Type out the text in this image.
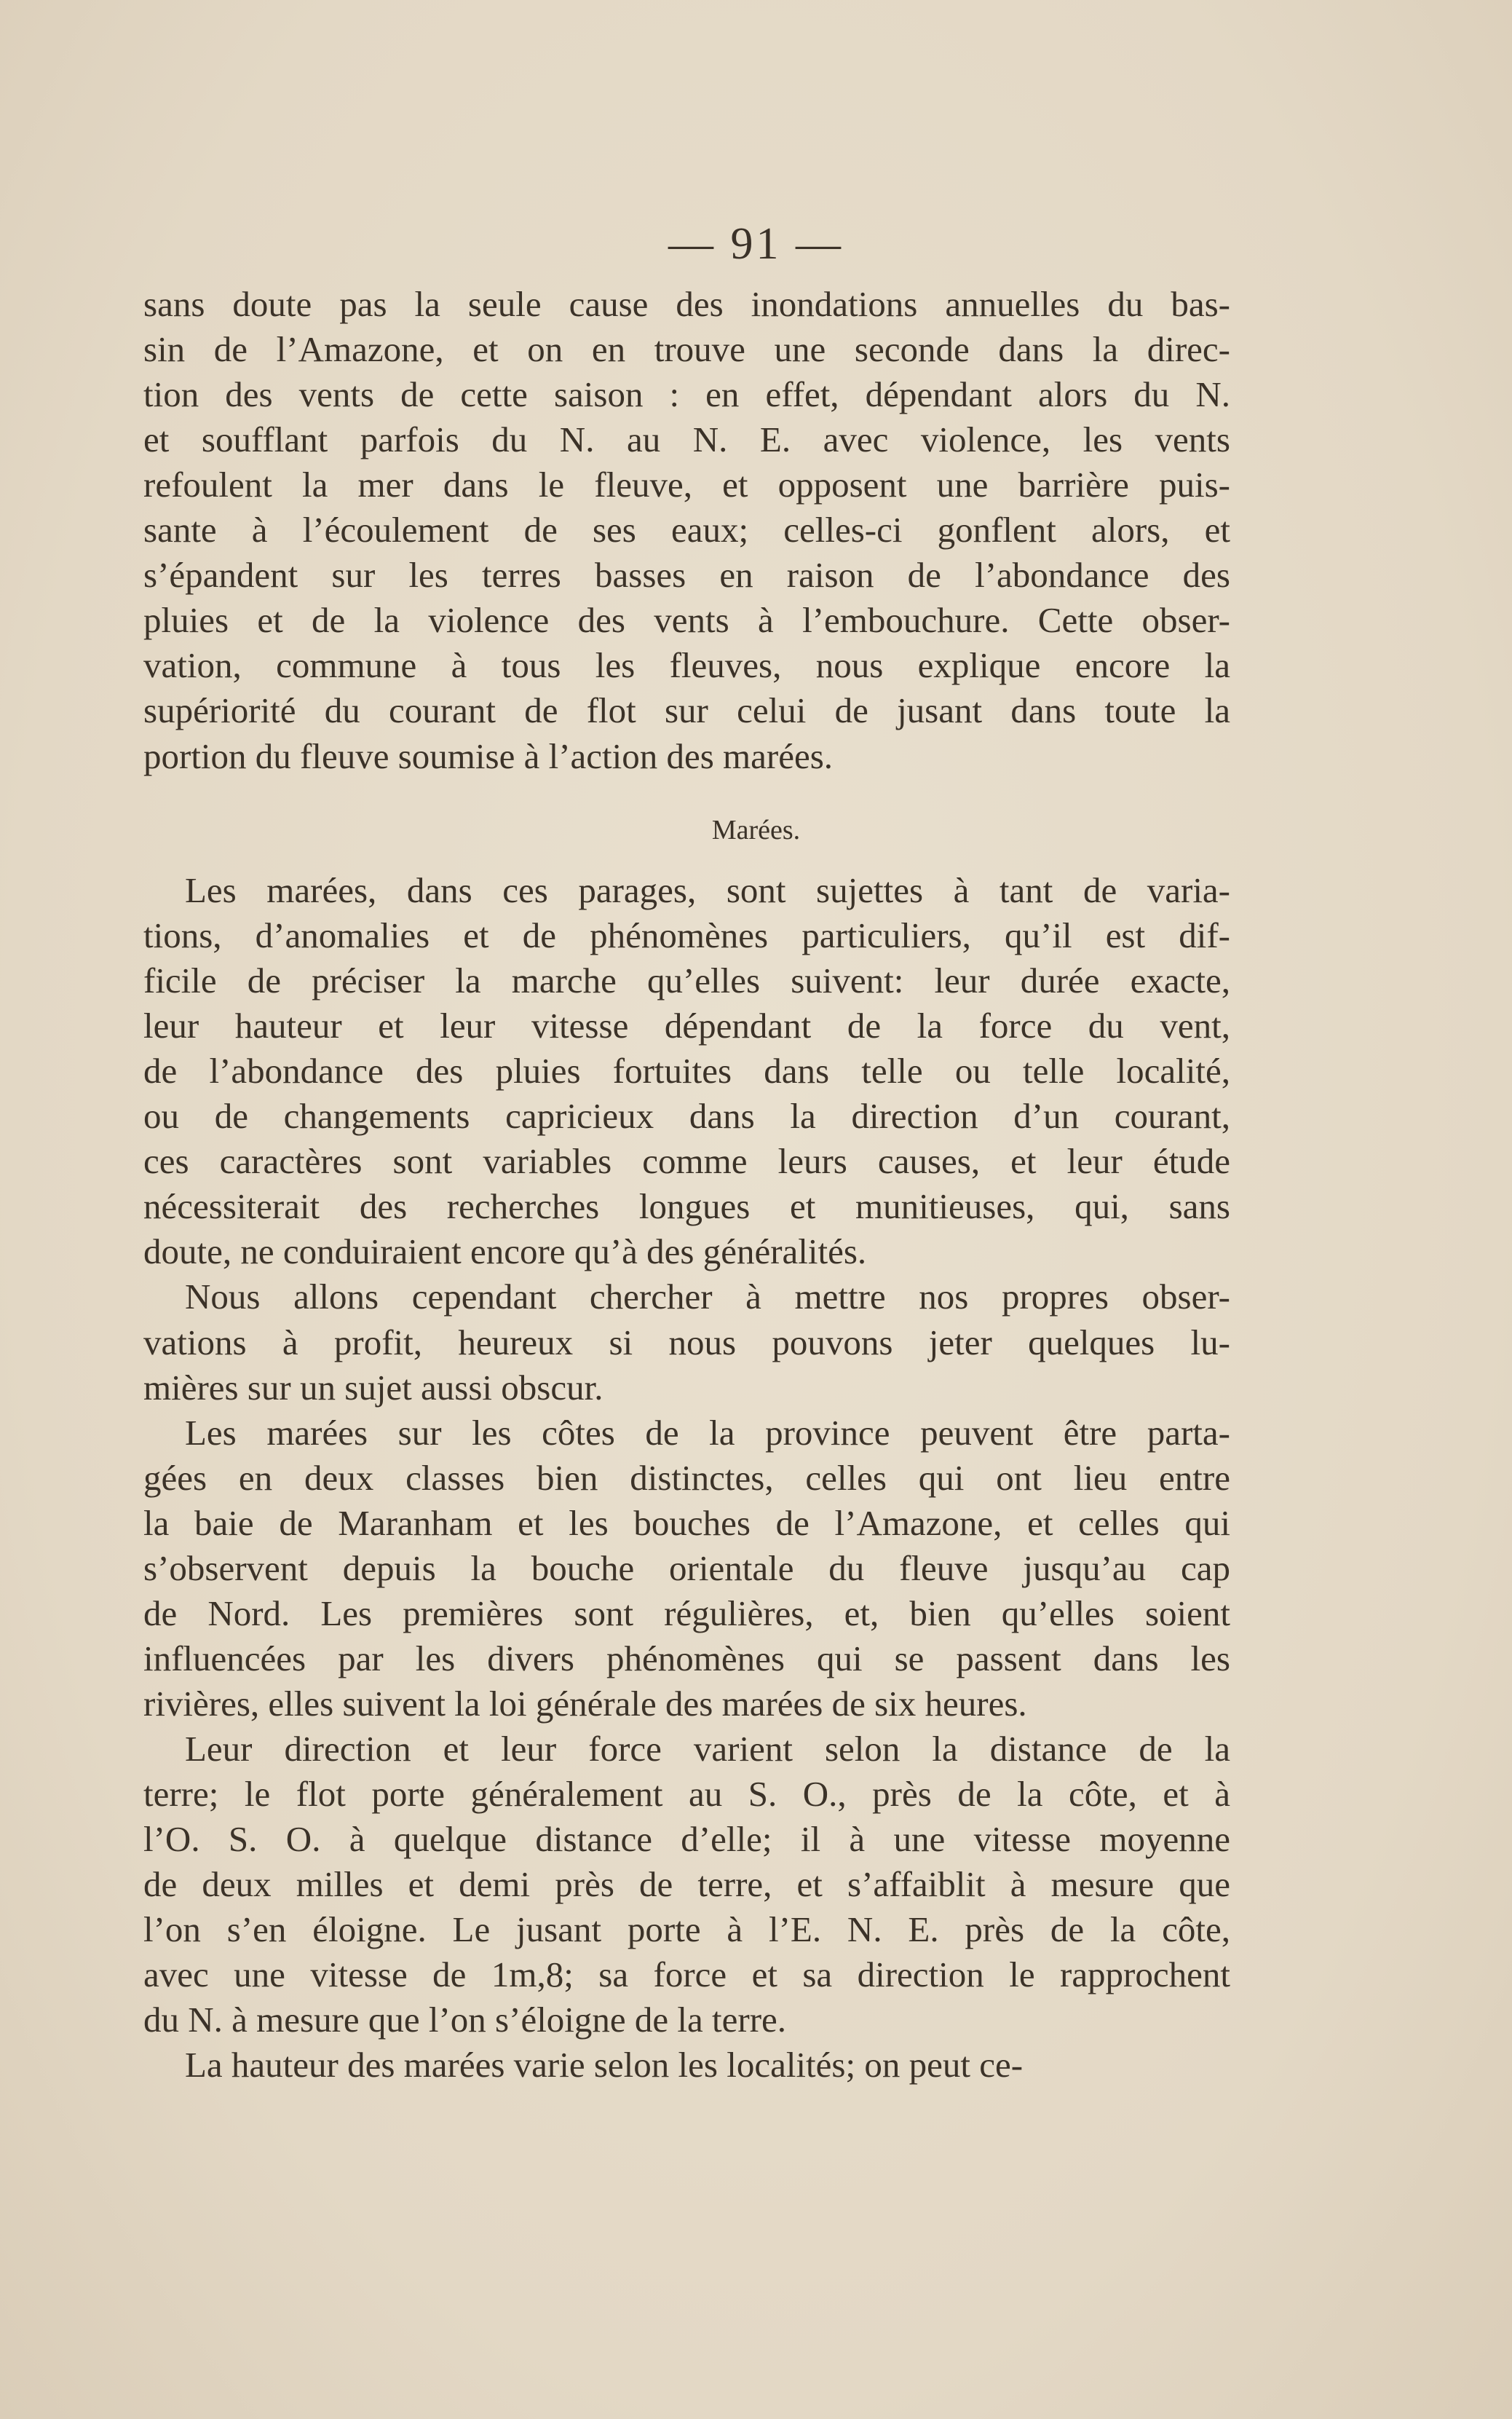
— 91 —
sans doute pas la seule cause des inondations annuelles du bas-
sin de l’Amazone, et on en trouve une seconde dans la direc-
tion des vents de cette saison : en effet, dépendant alors du N.
et soufflant parfois du N. au N. E. avec violence, les vents
refoulent la mer dans le fleuve, et opposent une barrière puis-
sante à l’écoulement de ses eaux; celles-ci gonflent alors, et
s’épandent sur les terres basses en raison de l’abondance des
pluies et de la violence des vents à l’embouchure. Cette obser-
vation, commune à tous les fleuves, nous explique encore la
supériorité du courant de flot sur celui de jusant dans toute la
portion du fleuve soumise à l’action des marées.
Marées.
Les marées, dans ces parages, sont sujettes à tant de varia-
tions, d’anomalies et de phénomènes particuliers, qu’il est dif-
ficile de préciser la marche qu’elles suivent: leur durée exacte,
leur hauteur et leur vitesse dépendant de la force du vent,
de l’abondance des pluies fortuites dans telle ou telle localité,
ou de changements capricieux dans la direction d’un courant,
ces caractères sont variables comme leurs causes, et leur étude
nécessiterait des recherches longues et munitieuses, qui, sans
doute, ne conduiraient encore qu’à des généralités.
Nous allons cependant chercher à mettre nos propres obser-
vations à profit, heureux si nous pouvons jeter quelques lu-
mières sur un sujet aussi obscur.
Les marées sur les côtes de la province peuvent être parta-
gées en deux classes bien distinctes, celles qui ont lieu entre
la baie de Maranham et les bouches de l’Amazone, et celles qui
s’observent depuis la bouche orientale du fleuve jusqu’au cap
de Nord. Les premières sont régulières, et, bien qu’elles soient
influencées par les divers phénomènes qui se passent dans les
rivières, elles suivent la loi générale des marées de six heures.
Leur direction et leur force varient selon la distance de la
terre; le flot porte généralement au S. O., près de la côte, et à
l’O. S. O. à quelque distance d’elle; il à une vitesse moyenne
de deux milles et demi près de terre, et s’affaiblit à mesure que
l’on s’en éloigne. Le jusant porte à l’E. N. E. près de la côte,
avec une vitesse de 1m,8; sa force et sa direction le rapprochent
du N. à mesure que l’on s’éloigne de la terre.
La hauteur des marées varie selon les localités; on peut ce-
